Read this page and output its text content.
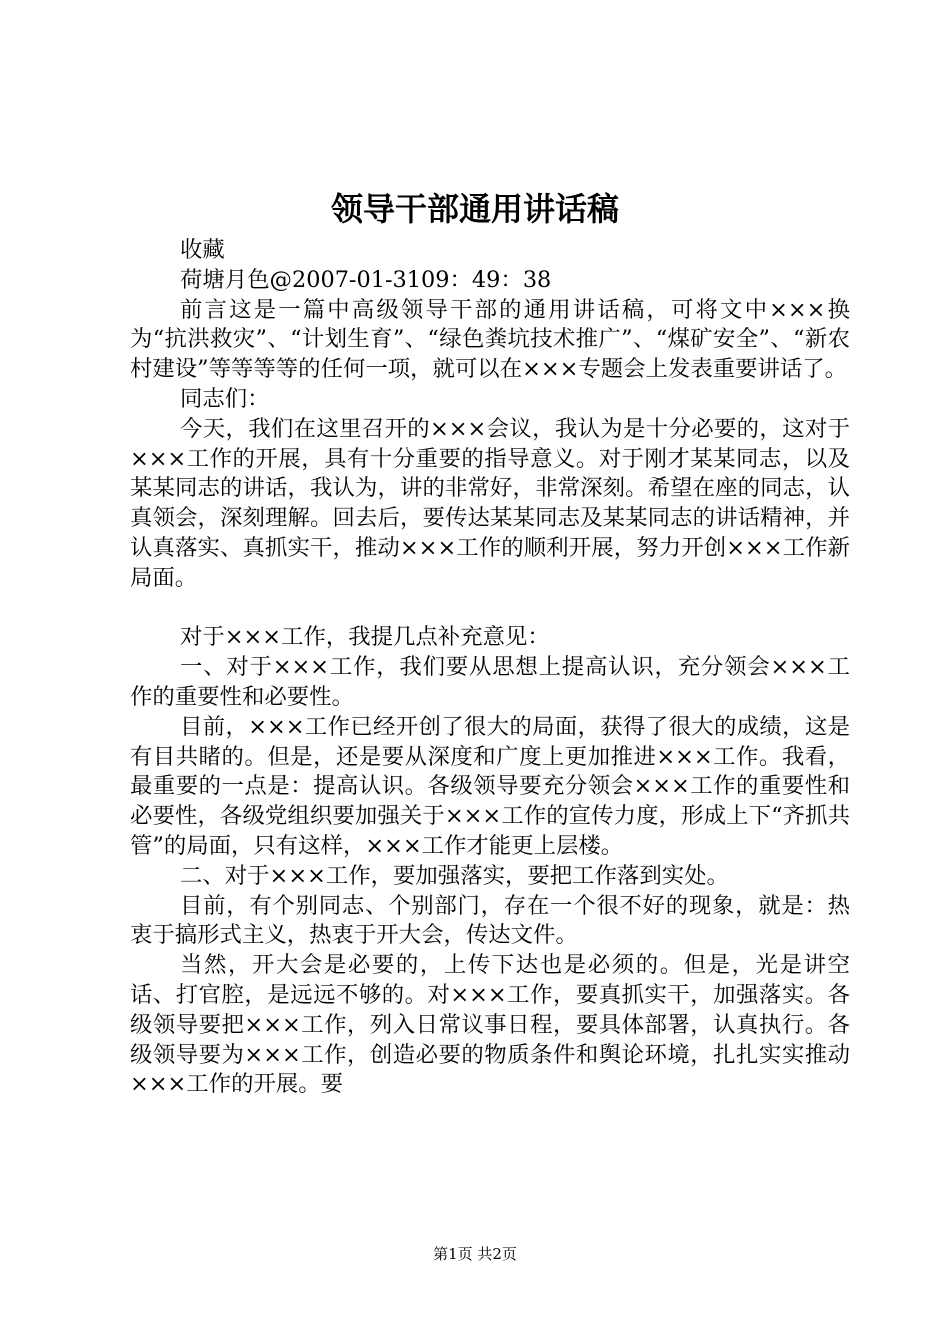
领导干部通用讲话稿

收藏

荷塘月色@2007-01-3109：49：38

前言这是一篇中高级领导干部的通用讲话稿，可将文中×××换为“抗洪救灾”、“计划生育”、“绿色粪坑技术推广”、“煤矿安全”、“新农村建设”等等等等的任何一项，就可以在×××专题会上发表重要讲话了。

同志们：

今天，我们在这里召开的×××会议，我认为是十分必要的，这对于×××工作的开展，具有十分重要的指导意义。对于刚才某某同志，以及某某同志的讲话，我认为，讲的非常好，非常深刻。希望在座的同志，认真领会，深刻理解。回去后，要传达某某同志及某某同志的讲话精神，并认真落实、真抓实干，推动×××工作的顺利开展，努力开创×××工作新局面。

对于×××工作，我提几点补充意见：

一、对于×××工作，我们要从思想上提高认识，充分领会×××工作的重要性和必要性。

目前，×××工作已经开创了很大的局面，获得了很大的成绩，这是有目共睹的。但是，还是要从深度和广度上更加推进×××工作。我看，最重要的一点是：提高认识。各级领导要充分领会×××工作的重要性和必要性，各级党组织要加强关于×××工作的宣传力度，形成上下“齐抓共管”的局面，只有这样，×××工作才能更上层楼。

二、对于×××工作，要加强落实，要把工作落到实处。

目前，有个别同志、个别部门，存在一个很不好的现象，就是：热衷于搞形式主义，热衷于开大会，传达文件。

当然，开大会是必要的，上传下达也是必须的。但是，光是讲空话、打官腔，是远远不够的。对×××工作，要真抓实干，加强落实。各级领导要把×××工作，列入日常议事日程，要具体部署，认真执行。各级领导要为×××工作，创造必要的物质条件和舆论环境，扎扎实实推动×××工作的开展。要

第1页 共2页
